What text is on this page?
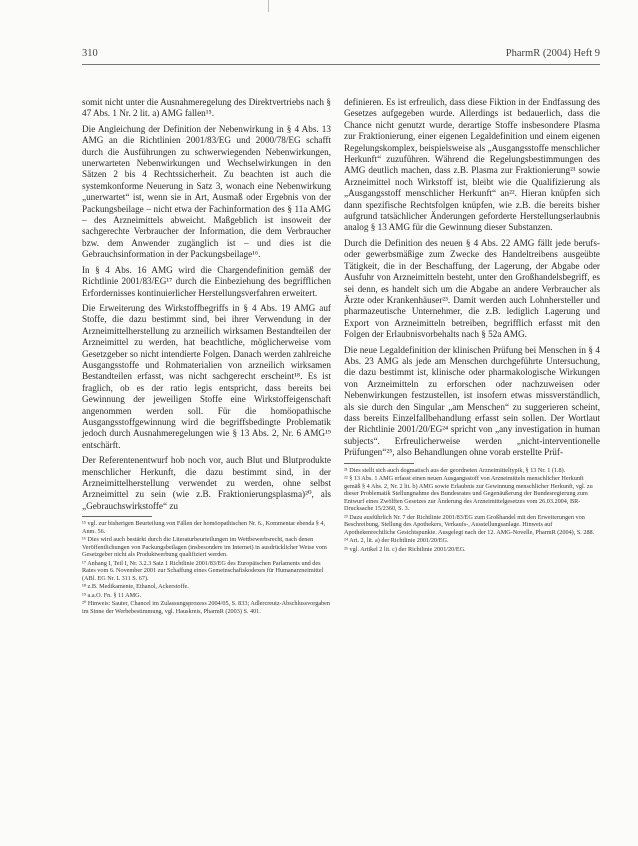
310	PharmR (2004) Heft 9

somit nicht unter die Ausnahmeregelung des Direktvertriebs nach § 47 Abs. 1 Nr. 2 lit. a) AMG fallen¹⁵.

Die Angleichung der Definition der Nebenwirkung in § 4 Abs. 13 AMG an die Richtlinien 2001/83/EG und 2000/78/EG schafft durch die Ausführungen zu schwerwiegenden Nebenwirkungen, unerwarteten Nebenwirkungen und Wechselwirkungen in den Sätzen 2 bis 4 Rechtssicherheit. Zu beachten ist auch die systemkonforme Neuerung in Satz 3, wonach eine Nebenwirkung „unerwartet“ ist, wenn sie in Art, Ausmaß oder Ergebnis von der Packungsbeilage – nicht etwa der Fachinformation des § 11a AMG – des Arzneimittels abweicht. Maßgeblich ist insoweit der sachgerechte Verbraucher der Information, die dem Verbraucher bzw. dem Anwender zugänglich ist – und dies ist die Gebrauchsinformation in der Packungsbeilage¹⁶.

In § 4 Abs. 16 AMG wird die Chargendefinition gemäß der Richtlinie 2001/83/EG¹⁷ durch die Einbeziehung des begrifflichen Erfordernisses kontinuierlicher Herstellungsverfahren erweitert.

Die Erweiterung des Wirkstoffbegriffs in § 4 Abs. 19 AMG auf Stoffe, die dazu bestimmt sind, bei ihrer Verwendung in der Arzneimittelherstellung zu arzneilich wirksamen Bestandteilen der Arzneimittel zu werden, hat beachtliche, möglicherweise vom Gesetzgeber so nicht intendierte Folgen. Danach werden zahlreiche Ausgangsstoffe und Rohmaterialien von arzneilich wirksamen Bestandteilen erfasst, was nicht sachgerecht erscheint¹⁸. Es ist fraglich, ob es der ratio legis entspricht, dass bereits bei Gewinnung der jeweiligen Stoffe eine Wirkstoffeigenschaft angenommen werden soll. Für die homöopathische Ausgangsstoffgewinnung wird die begriffsbedingte Problematik jedoch durch Ausnahmeregelungen wie § 13 Abs. 2, Nr. 6 AMG¹⁹ entschärft.

Der Referentenentwurf hob noch vor, auch Blut und Blutprodukte menschlicher Herkunft, die dazu bestimmt sind, in der Arzneimittelherstellung verwendet zu werden, ohne selbst Arzneimittel zu sein (wie z.B. Fraktionierungsplasma)²⁰, als „Gebrauchswirkstoffe“ zu

¹⁵ vgl. zur bisherigen Beurteilung von Fällen der homöopathischen Nr. 6., Kommentar ebenda § 4, Anm. 56.
¹⁶ Dies wird auch bestärkt durch die Literaturbeurteilungen im Wettbewerbsrecht, nach denen Veröffentlichungen von Packungsbeilagen (insbesondere im Internet) in ausdrücklicher Weise vom Gesetzgeber nicht als Produktwerbung qualifiziert werden.
¹⁷ Anhang I, Teil I, Nr. 3.2.3 Satz 1 Richtlinie 2001/83/EG des Europäischen Parlaments und des Rates vom 6. November 2001 zur Schaffung eines Gemeinschaftskodexes für Humanarzneimittel (ABl. EG Nr. L 311 S. 67).
¹⁸ z.B. Medikamente, Ethanol, Ackerstoffe.
¹⁹ a.a.O. Fn. § 11 AMG.
²⁰ Hinweis: Sauter, Chancel im Zulassungsprozess 2004/05, S. 833; Adlercreutz-Abschlussvorgaben im Sinne der Werbebestimmung, vgl. Hauskreis, PharmR (2003) S. 401.

definieren. Es ist erfreulich, dass diese Fiktion in der Endfassung des Gesetzes aufgegeben wurde. Allerdings ist bedauerlich, dass die Chance nicht genutzt wurde, derartige Stoffe insbesondere Plasma zur Fraktionierung, einer eigenen Legaldefinition und einem eigenen Regelungskomplex, beispielsweise als „Ausgangsstoffe menschlicher Herkunft“ zuzuführen. Während die Regelungsbestimmungen des AMG deutlich machen, dass z.B. Plasma zur Fraktionierung²¹ sowie Arzneimittel noch Wirkstoff ist, bleibt wie die Qualifizierung als „Ausgangsstoff menschlicher Herkunft“ an²². Hieran knüpfen sich dann spezifische Rechtsfolgen knüpfen, wie z.B. die bereits bisher aufgrund tatsächlicher Änderungen geforderte Herstellungserlaubnis analog § 13 AMG für die Gewinnung dieser Substanzen.

Durch die Definition des neuen § 4 Abs. 22 AMG fällt jede berufs- oder gewerbsmäßige zum Zwecke des Handeltreibens ausgeübte Tätigkeit, die in der Beschaffung, der Lagerung, der Abgabe oder Ausfuhr von Arzneimitteln besteht, unter den Großhandelsbegriff, es sei denn, es handelt sich um die Abgabe an andere Verbraucher als Ärzte oder Krankenhäuser²³. Damit werden auch Lohnhersteller und pharmazeutische Unternehmer, die z.B. lediglich Lagerung und Export von Arzneimitteln betreiben, begrifflich erfasst mit den Folgen der Erlaubnisvorbehalts nach § 52a AMG.

Die neue Legaldefinition der klinischen Prüfung bei Menschen in § 4 Abs. 23 AMG als jede am Menschen durchgeführte Untersuchung, die dazu bestimmt ist, klinische oder pharmakologische Wirkungen von Arzneimitteln zu erforschen oder nachzuweisen oder Nebenwirkungen festzustellen, ist insofern etwas missverständlich, als sie durch den Singular „am Menschen“ zu suggerieren scheint, dass bereits Einzelfallbehandlung erfasst sein sollen. Der Wortlaut der Richtlinie 2001/20/EG²⁴ spricht von „any investigation in human subjects“. Erfreulicherweise werden „nicht-interventionelle Prüfungen“²⁵, also Behandlungen ohne vorab erstellte Prüf-

²¹ Dies stellt sich auch dogmatisch aus der geordneten Arzneimitteltypik, § 13 Nr. 1 (1.8).
²² § 13 Abs. 1 AMG erfasst einen neuen Ausgangsstoff von Arzneimitteln menschlicher Herkunft gemäß § 4 Abs. 2, Nr. 2 lit. b) AMG sowie Erlaubnis zur Gewinnung menschlicher Herkunft, vgl. zu dieser Problematik Stellungnahme des Bundesrates und Gegenäußerung der Bundesregierung zum Entwurf eines Zwölften Gesetzes zur Änderung des Arzneimittelgesetzes vom 26.03.2004, BR-Drucksache 15/2360, S. 3.
²³ Dazu ausführlich Nr. 7 der Richtlinie 2001/83/EG zum Großhandel mit den Erweiterungen von Beschreibung, Stellung des Apothekers, Verkaufs-, Ausstellungsanlage. Hinweis auf Apothekenrechtliche Gesichtspunkte. Ausgelegt nach der 12. AMG-Novelle, PharmR (2004), S. 288.
²⁴ Art. 2, lit. a) der Richtlinie 2001/20/EG.
²⁵ vgl. Artikel 2 lit. c) der Richtlinie 2001/20/EG.
